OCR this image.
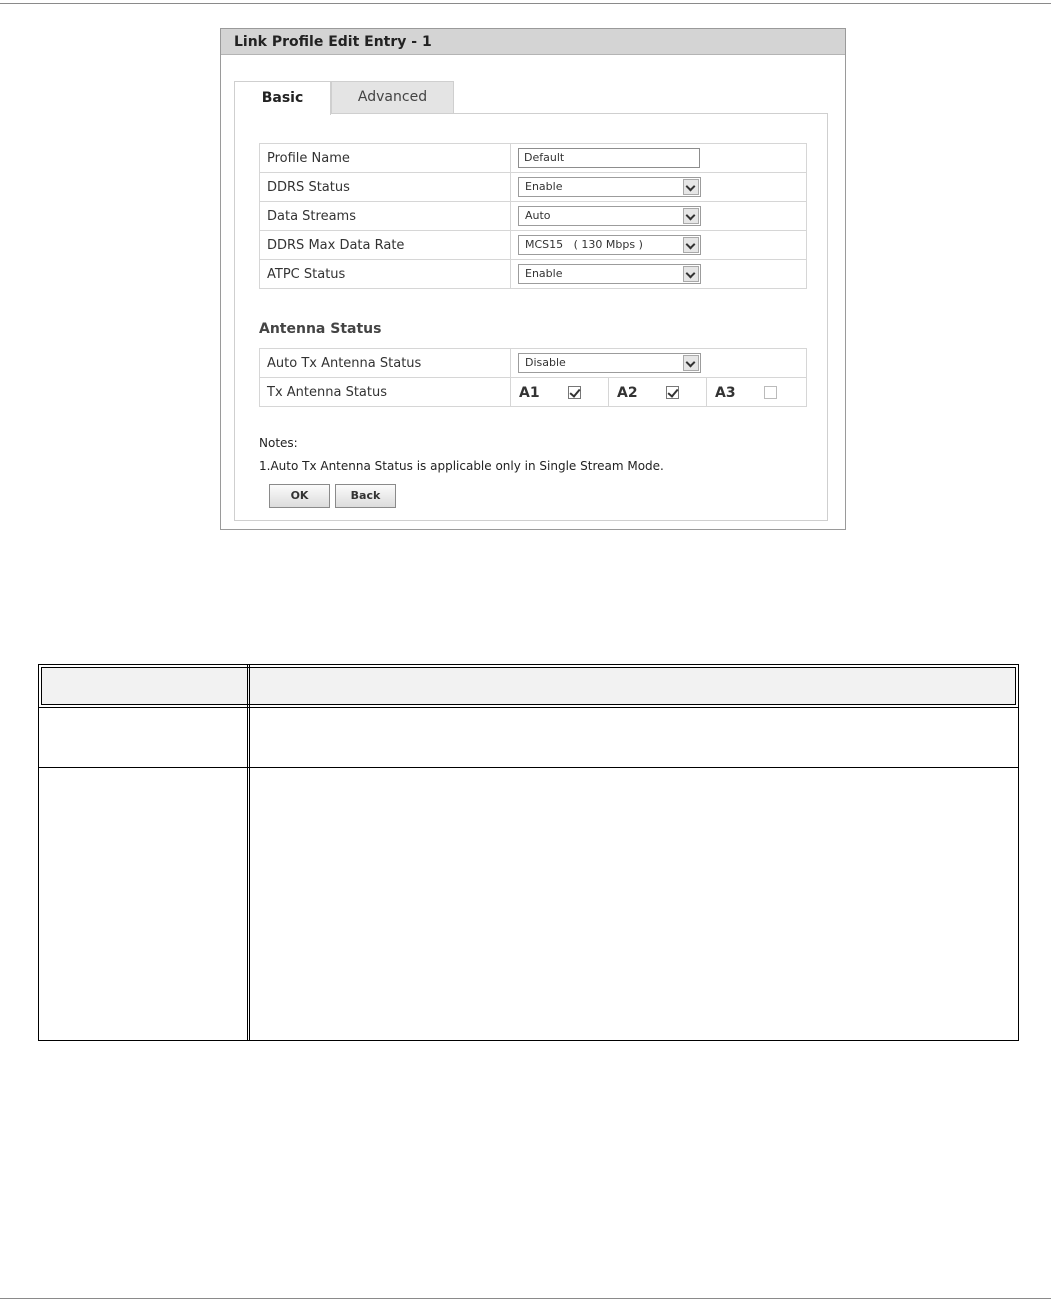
Link Profile Edit Entry - 1
Basic	Advanced
Profile Name	Default
DDRS Status	Enable

Data Streams	Auto

DDRS Max Data Rate	MCS15   ( 130 Mbps )

ATPC Status	Enable
Antenna Status
Auto Tx Antenna Status	Disable		

Tx Antenna Status	A1	A2	A3
Notes:
1.Auto Tx Antenna Status is applicable only in Single Stream Mode.
OK	Back
